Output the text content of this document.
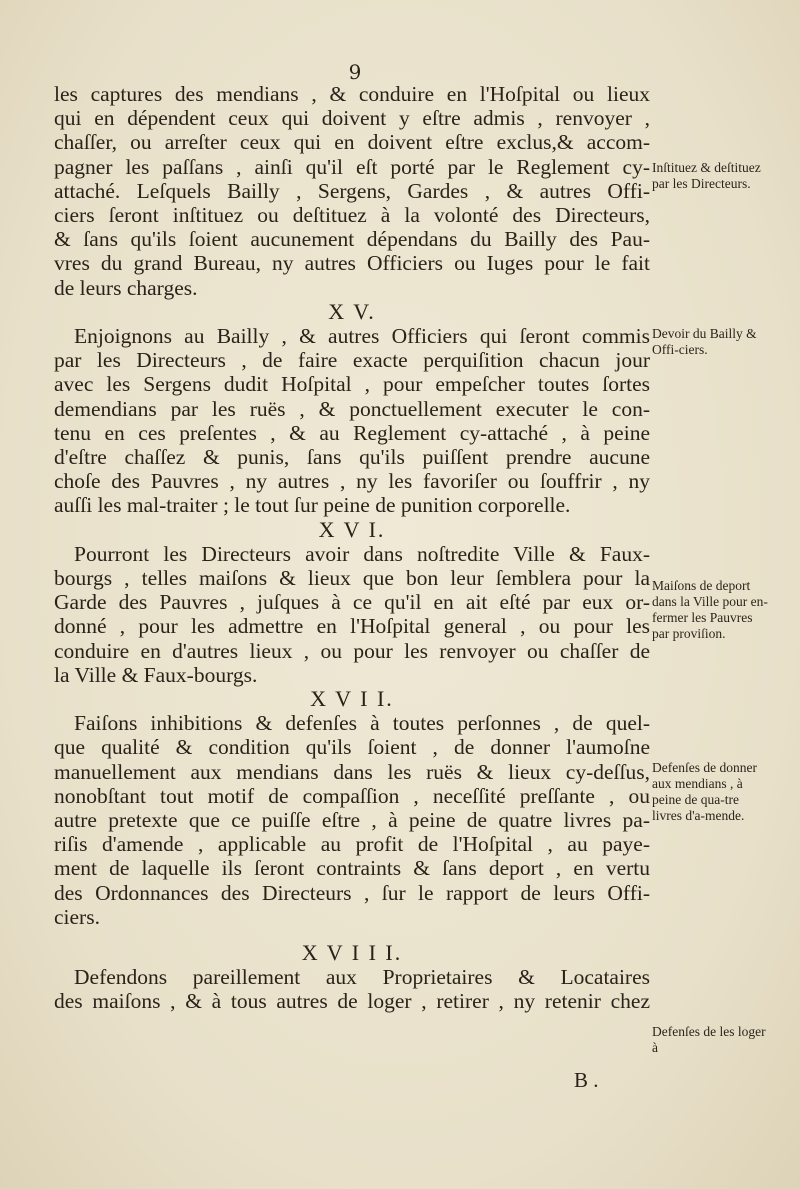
9

les captures des mendians , & conduire en l'Hoſpital ou lieux
qui en dépendent ceux qui doivent y eſtre admis , renvoyer ,
chaſſer, ou arreſter ceux qui en doivent eſtre exclus,& accom-
pagner les paſſans , ainſi qu'il eſt porté par le Reglement cy-
attaché. Leſquels Bailly , Sergens, Gardes , & autres Offi-
ciers ſeront inſtituez ou deſtituez à la volonté des Directeurs,
& ſans qu'ils ſoient aucunement dépendans du Bailly des Pau-
vres du grand Bureau, ny autres Officiers ou Iuges pour le fait
de leurs charges.

X V.

Enjoignons au Bailly , & autres Officiers qui ſeront commis
par les Directeurs , de faire exacte perquiſition chacun jour
avec les Sergens dudit Hoſpital , pour empeſcher toutes ſortes
demendians par les ruës , & ponctuellement executer le con-
tenu en ces preſentes , & au Reglement cy-attaché , à peine
d'eſtre chaſſez & punis, ſans qu'ils puiſſent prendre aucune
choſe des Pauvres , ny autres , ny les favoriſer ou ſouffrir , ny
auſſi les mal-traiter ; le tout ſur peine de punition corporelle.

X V I.

Pourront les Directeurs avoir dans noſtredite Ville & Faux-
bourgs , telles maiſons & lieux que bon leur ſemblera pour la
Garde des Pauvres , juſques à ce qu'il en ait eſté par eux or-
donné , pour les admettre en l'Hoſpital general , ou pour les
conduire en d'autres lieux , ou pour les renvoyer ou chaſſer de
la Ville & Faux-bourgs.

X V I I.

Faiſons inhibitions & defenſes à toutes perſonnes , de quel-
que qualité & condition qu'ils ſoient , de donner l'aumoſne
manuellement aux mendians dans les ruës & lieux cy-deſſus,
nonobſtant tout motif de compaſſion , neceſſité preſſante , ou
autre pretexte que ce puiſſe eſtre , à peine de quatre livres pa-
riſis d'amende , applicable au profit de l'Hoſpital , au paye-
ment de laquelle ils ſeront contraints & ſans deport , en vertu
des Ordonnances des Directeurs , ſur le rapport de leurs Offi-
ciers.

X V I I I.

Defendons pareillement aux Proprietaires & Locataires
des maiſons , & à tous autres de loger , retirer , ny retenir chez

Inſtituez & deſtituez par les Directeurs.
Devoir du Bailly & Offi-ciers.
Maiſons de deport dans la Ville pour en-fermer les Pauvres par proviſion.
Defenſes de donner aux mendians , à peine de qua-tre livres d'a-mende.
Defenſes de les loger à
B .
